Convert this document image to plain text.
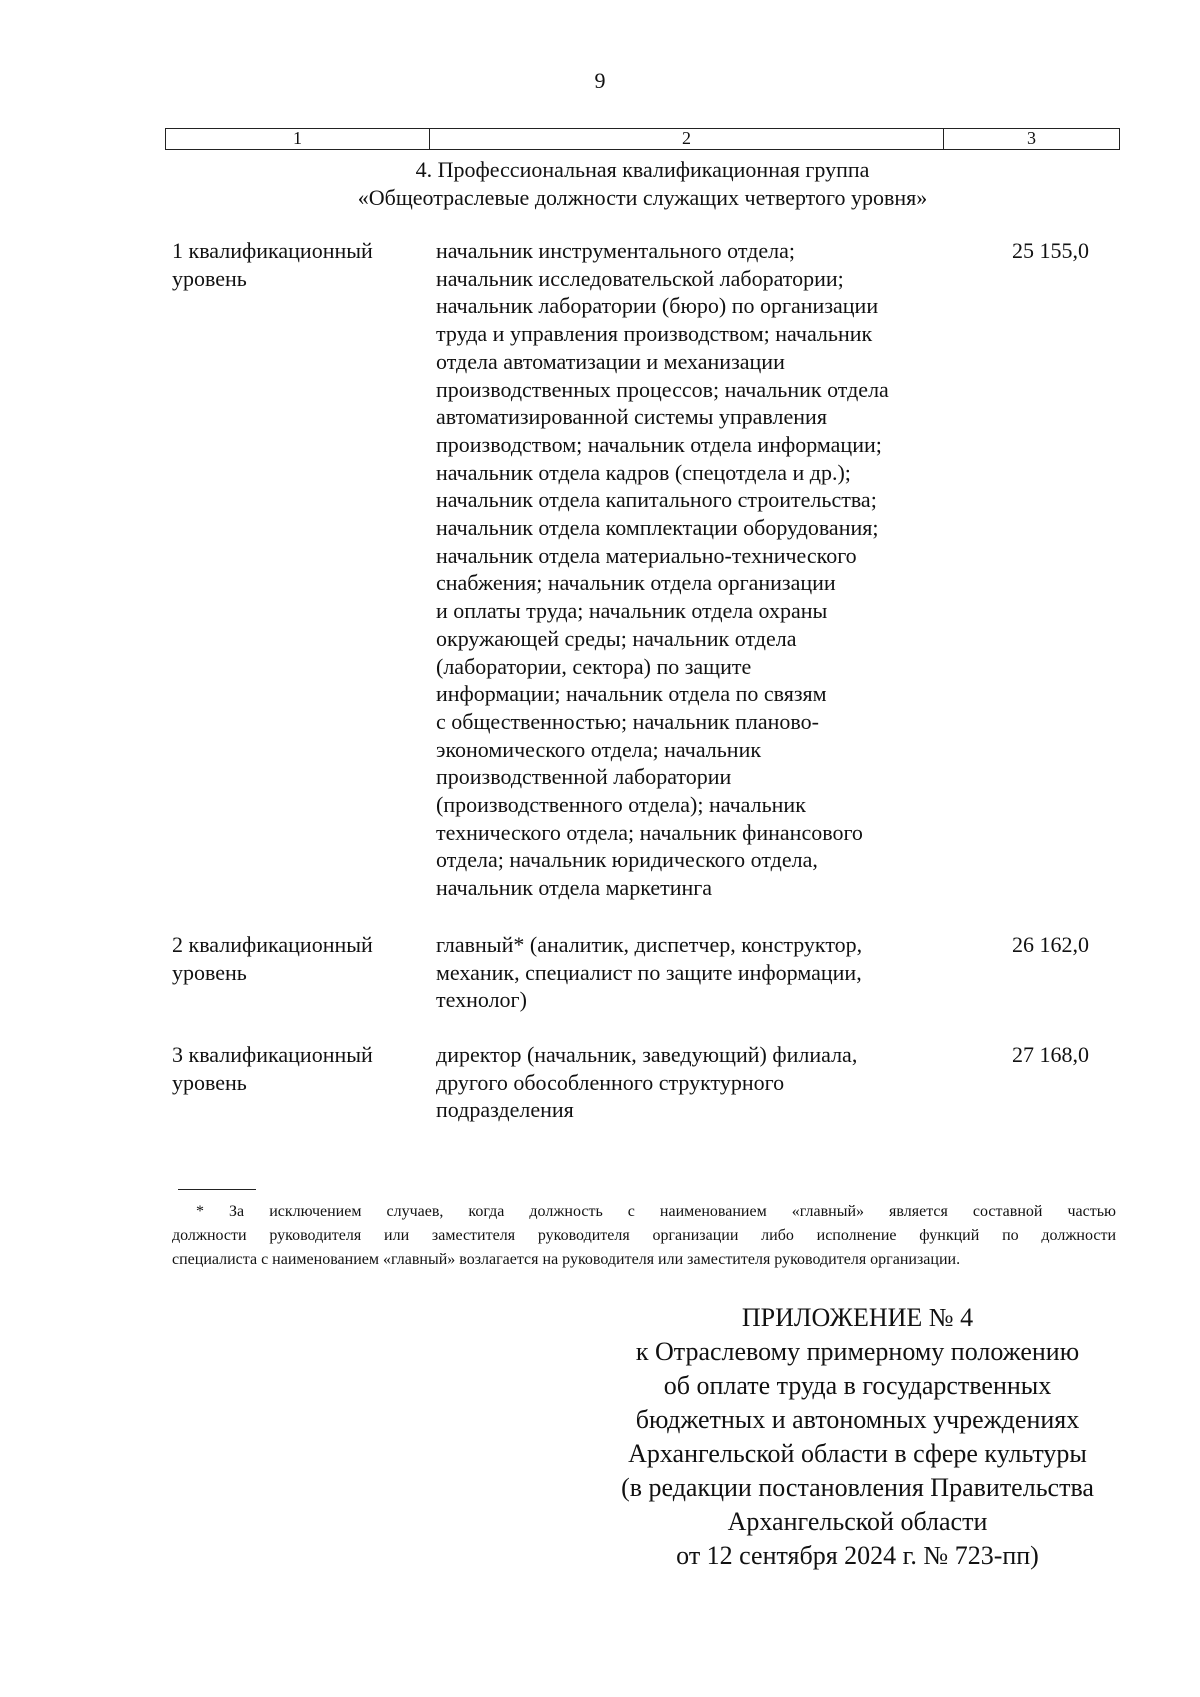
9
1	2	3
4. Профессиональная квалификационная группа
«Общеотраслевые должности служащих четвертого уровня»
1 квалификационный
уровень
начальник инструментального отдела;
начальник исследовательской лаборатории;
начальник лаборатории (бюро) по организации
труда и управления производством; начальник
отдела автоматизации и механизации
производственных процессов; начальник отдела
автоматизированной системы управления
производством; начальник отдела информации;
начальник отдела кадров (спецотдела и др.);
начальник отдела капитального строительства;
начальник отдела комплектации оборудования;
начальник отдела материально-технического
снабжения; начальник отдела организации
и оплаты труда; начальник отдела охраны
окружающей среды; начальник отдела
(лаборатории, сектора) по защите
информации; начальник отдела по связям
с общественностью; начальник планово-
экономического отдела; начальник
производственной лаборатории
(производственного отдела); начальник
технического отдела; начальник финансового
отдела; начальник юридического отдела,
начальник отдела маркетинга
25 155,0
2 квалификационный
уровень
главный* (аналитик, диспетчер, конструктор,
механик, специалист по защите информации,
технолог)
26 162,0
3 квалификационный
уровень
директор (начальник, заведующий) филиала,
другого обособленного структурного
подразделения
27 168,0
* За исключением случаев, когда должность с наименованием «главный» является составной частью
должности руководителя или заместителя руководителя организации либо исполнение функций по должности
специалиста с наименованием «главный» возлагается на руководителя или заместителя руководителя организации.
ПРИЛОЖЕНИЕ № 4
к Отраслевому примерному положению
об оплате труда в государственных
бюджетных и автономных учреждениях
Архангельской области в сфере культуры
(в редакции постановления Правительства
Архангельской области
от 12 сентября 2024 г. № 723-пп)
